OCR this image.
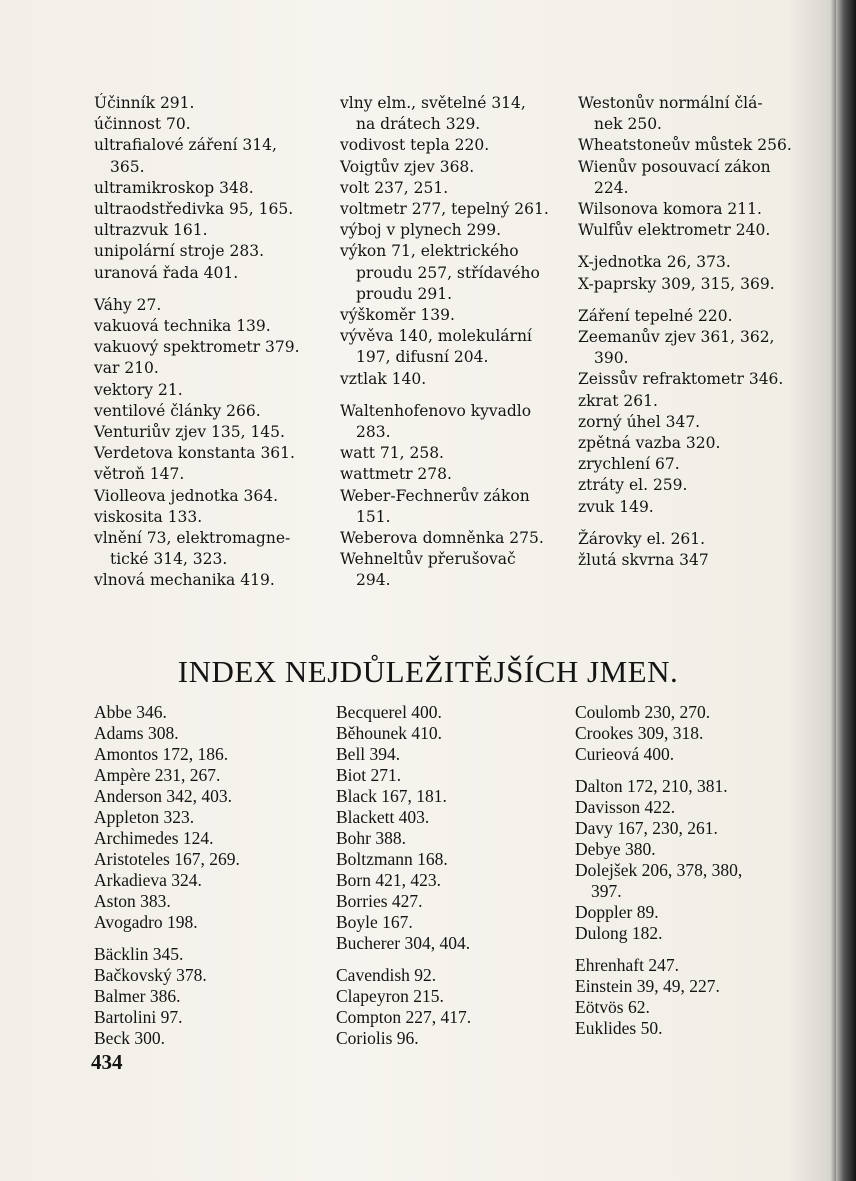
Účinník 291.
účinnost 70.
ultrafialové záření 314,
365.
ultramikroskop 348.
ultraodstředivka 95, 165.
ultrazvuk 161.
unipolární stroje 283.
uranová řada 401.
Váhy 27.
vakuová technika 139.
vakuový spektrometr 379.
var 210.
vektory 21.
ventilové články 266.
Venturiův zjev 135, 145.
Verdetova konstanta 361.
větroň 147.
Violleova jednotka 364.
viskosita 133.
vlnění 73, elektromagne-
tické 314, 323.
vlnová mechanika 419.
vlny elm., světelné 314,
na drátech 329.
vodivost tepla 220.
Voigtův zjev 368.
volt 237, 251.
voltmetr 277, tepelný 261.
výboj v plynech 299.
výkon 71, elektrického
proudu 257, střídavého
proudu 291.
výškoměr 139.
vývěva 140, molekulární
197, difusní 204.
vztlak 140.
Waltenhofenovo kyvadlo
283.
watt 71, 258.
wattmetr 278.
Weber-Fechnerův zákon
151.
Weberova domněnka 275.
Wehneltův přerušovač
294.
Westonův normální člá-
nek 250.
Wheatstoneův můstek 256.
Wienův posouvací zákon
224.
Wilsonova komora 211.
Wulfův elektrometr 240.
X-jednotka 26, 373.
X-paprsky 309, 315, 369.
Záření tepelné 220.
Zeemanův zjev 361, 362,
390.
Zeissův refraktometr 346.
zkrat 261.
zorný úhel 347.
zpětná vazba 320.
zrychlení 67.
ztráty el. 259.
zvuk 149.
Žárovky el. 261.
žlutá skvrna 347
INDEX NEJDŮLEŽITĚJŠÍCH JMEN.
Abbe 346.
Adams 308.
Amontos 172, 186.
Ampère 231, 267.
Anderson 342, 403.
Appleton 323.
Archimedes 124.
Aristoteles 167, 269.
Arkadieva 324.
Aston 383.
Avogadro 198.
Bäcklin 345.
Bačkovský 378.
Balmer 386.
Bartolini 97.
Beck 300.
Becquerel 400.
Běhounek 410.
Bell 394.
Biot 271.
Black 167, 181.
Blackett 403.
Bohr 388.
Boltzmann 168.
Born 421, 423.
Borries 427.
Boyle 167.
Bucherer 304, 404.
Cavendish 92.
Clapeyron 215.
Compton 227, 417.
Coriolis 96.
Coulomb 230, 270.
Crookes 309, 318.
Curieová 400.
Dalton 172, 210, 381.
Davisson 422.
Davy 167, 230, 261.
Debye 380.
Dolejšek 206, 378, 380,
397.
Doppler 89.
Dulong 182.
Ehrenhaft 247.
Einstein 39, 49, 227.
Eötvös 62.
Euklides 50.
434
